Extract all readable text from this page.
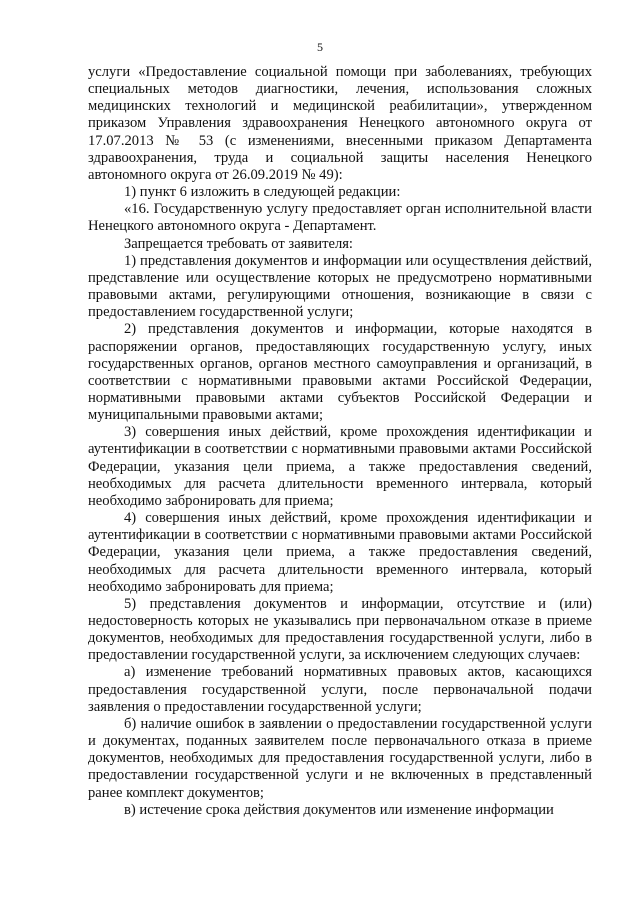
5

услуги «Предоставление социальной помощи при заболеваниях, требующих специальных методов диагностики, лечения, использования сложных медицинских технологий и медицинской реабилитации», утвержденном приказом Управления здравоохранения Ненецкого автономного округа от 17.07.2013 № 53 (с изменениями, внесенными приказом Департамента здравоохранения, труда и социальной защиты населения Ненецкого автономного округа от 26.09.2019 № 49):

1) пункт 6 изложить в следующей редакции:

«16. Государственную услугу предоставляет орган исполнительной власти Ненецкого автономного округа - Департамент.

Запрещается требовать от заявителя:

1) представления документов и информации или осуществления действий, представление или осуществление которых не предусмотрено нормативными правовыми актами, регулирующими отношения, возникающие в связи с предоставлением государственной услуги;

2) представления документов и информации, которые находятся в распоряжении органов, предоставляющих государственную услугу, иных государственных органов, органов местного самоуправления и организаций, в соответствии с нормативными правовыми актами Российской Федерации, нормативными правовыми актами субъектов Российской Федерации и муниципальными правовыми актами;

3) совершения иных действий, кроме прохождения идентификации и аутентификации в соответствии с нормативными правовыми актами Российской Федерации, указания цели приема, а также предоставления сведений, необходимых для расчета длительности временного интервала, который необходимо забронировать для приема;

4) совершения иных действий, кроме прохождения идентификации и аутентификации в соответствии с нормативными правовыми актами Российской Федерации, указания цели приема, а также предоставления сведений, необходимых для расчета длительности временного интервала, который необходимо забронировать для приема;

5) представления документов и информации, отсутствие и (или) недостоверность которых не указывались при первоначальном отказе в приеме документов, необходимых для предоставления государственной услуги, либо в предоставлении государственной услуги, за исключением следующих случаев:

а) изменение требований нормативных правовых актов, касающихся предоставления государственной услуги, после первоначальной подачи заявления о предоставлении государственной услуги;

б) наличие ошибок в заявлении о предоставлении государственной услуги и документах, поданных заявителем после первоначального отказа в приеме документов, необходимых для предоставления государственной услуги, либо в предоставлении государственной услуги и не включенных в представленный ранее комплект документов;

в) истечение срока действия документов или изменение информации
